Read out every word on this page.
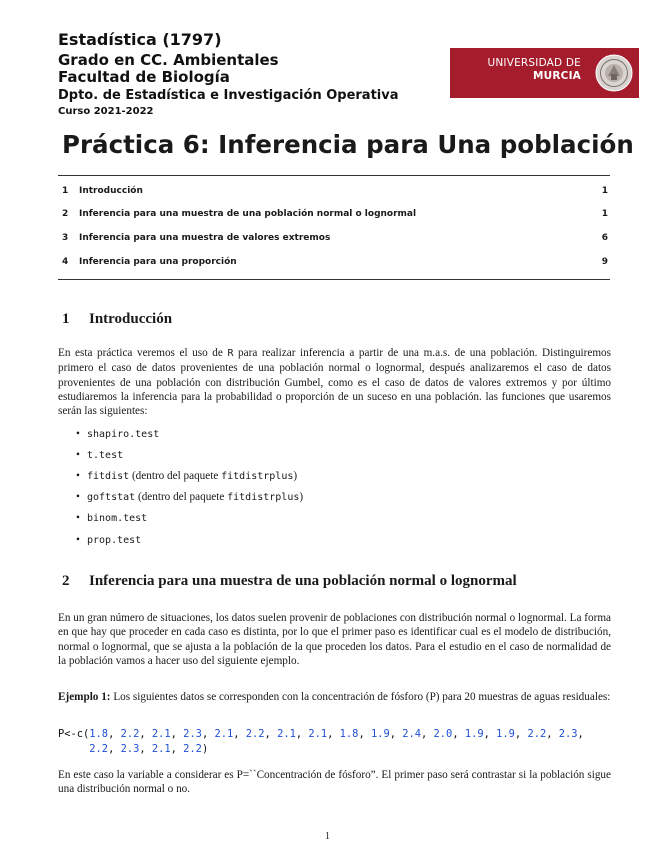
Estadística (1797)
Grado en CC. Ambientales
Facultad de Biología
Dpto. de Estadística e Investigación Operativa
Curso 2021-2022
UNIVERSIDAD DE
MURCIA
Práctica 6: Inferencia para Una población
1 Introducción	1
2 Inferencia para una muestra de una población normal o lognormal	1
3 Inferencia para una muestra de valores extremos	6
4 Inferencia para una proporción	9
1 Introducción
En esta práctica veremos el uso de R para realizar inferencia a partir de una m.a.s. de una población. Distinguiremos primero el caso de datos provenientes de una población normal o lognormal, después analizaremos el caso de datos provenientes de una población con distribución Gumbel, como es el caso de datos de valores extremos y por último estudiaremos la inferencia para la probabilidad o proporción de un suceso en una población. las funciones que usaremos serán las siguientes:
• shapiro.test
• t.test
• fitdist (dentro del paquete fitdistrplus)
• goftstat (dentro del paquete fitdistrplus)
• binom.test
• prop.test
2 Inferencia para una muestra de una población normal o lognormal
En un gran número de situaciones, los datos suelen provenir de poblaciones con distribución normal o lognormal. La forma en que hay que proceder en cada caso es distinta, por lo que el primer paso es identificar cual es el modelo de distribución, normal o lognormal, que se ajusta a la población de la que proceden los datos. Para el estudio en el caso de normalidad de la población vamos a hacer uso del siguiente ejemplo.
Ejemplo 1: Los siguientes datos se corresponden con la concentración de fósforo (P) para 20 muestras de aguas residuales:
P<-c(1.8, 2.2, 2.1, 2.3, 2.1, 2.2, 2.1, 2.1, 1.8, 1.9, 2.4, 2.0, 1.9, 1.9, 2.2, 2.3,
2.2, 2.3, 2.1, 2.2)
En este caso la variable a considerar es P=``Concentración de fósforo”. El primer paso será contrastar si la población sigue una distribución normal o no.
1
